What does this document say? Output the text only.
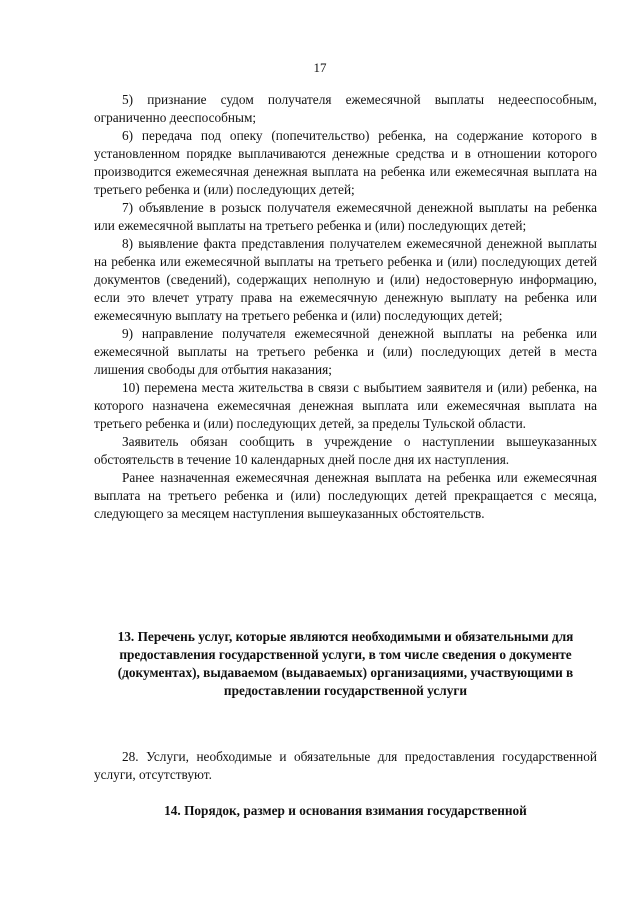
17

5) признание судом получателя ежемесячной выплаты недееспособным, ограниченно дееспособным;

6) передача под опеку (попечительство) ребенка, на содержание которого в установленном порядке выплачиваются денежные средства и в отношении которого производится ежемесячная денежная выплата на ребенка или ежемесячная выплата на третьего ребенка и (или) последующих детей;

7) объявление в розыск получателя ежемесячной денежной выплаты на ребенка или ежемесячной выплаты на третьего ребенка и (или) последующих детей;

8) выявление факта представления получателем ежемесячной денежной выплаты на ребенка или ежемесячной выплаты на третьего ребенка и (или) последующих детей документов (сведений), содержащих неполную и (или) недостоверную информацию, если это влечет утрату права на ежемесячную денежную выплату на ребенка или ежемесячную выплату на третьего ребенка и (или) последующих детей;

9) направление получателя ежемесячной денежной выплаты на ребенка или ежемесячной выплаты на третьего ребенка и (или) последующих детей в места лишения свободы для отбытия наказания;

10) перемена места жительства в связи с выбытием заявителя и (или) ребенка, на которого назначена ежемесячная денежная выплата или ежемесячная выплата на третьего ребенка и (или) последующих детей, за пределы Тульской области.

Заявитель обязан сообщить в учреждение о наступлении вышеуказанных обстоятельств в течение 10 календарных дней после дня их наступления.

Ранее назначенная ежемесячная денежная выплата на ребенка или ежемесячная выплата на третьего ребенка и (или) последующих детей прекращается с месяца, следующего за месяцем наступления вышеуказанных обстоятельств.

13. Перечень услуг, которые являются необходимыми и обязательными для предоставления государственной услуги, в том числе сведения о документе (документах), выдаваемом (выдаваемых) организациями, участвующими в предоставлении государственной услуги

28. Услуги, необходимые и обязательные для предоставления государственной услуги, отсутствуют.

14. Порядок, размер и основания взимания государственной
